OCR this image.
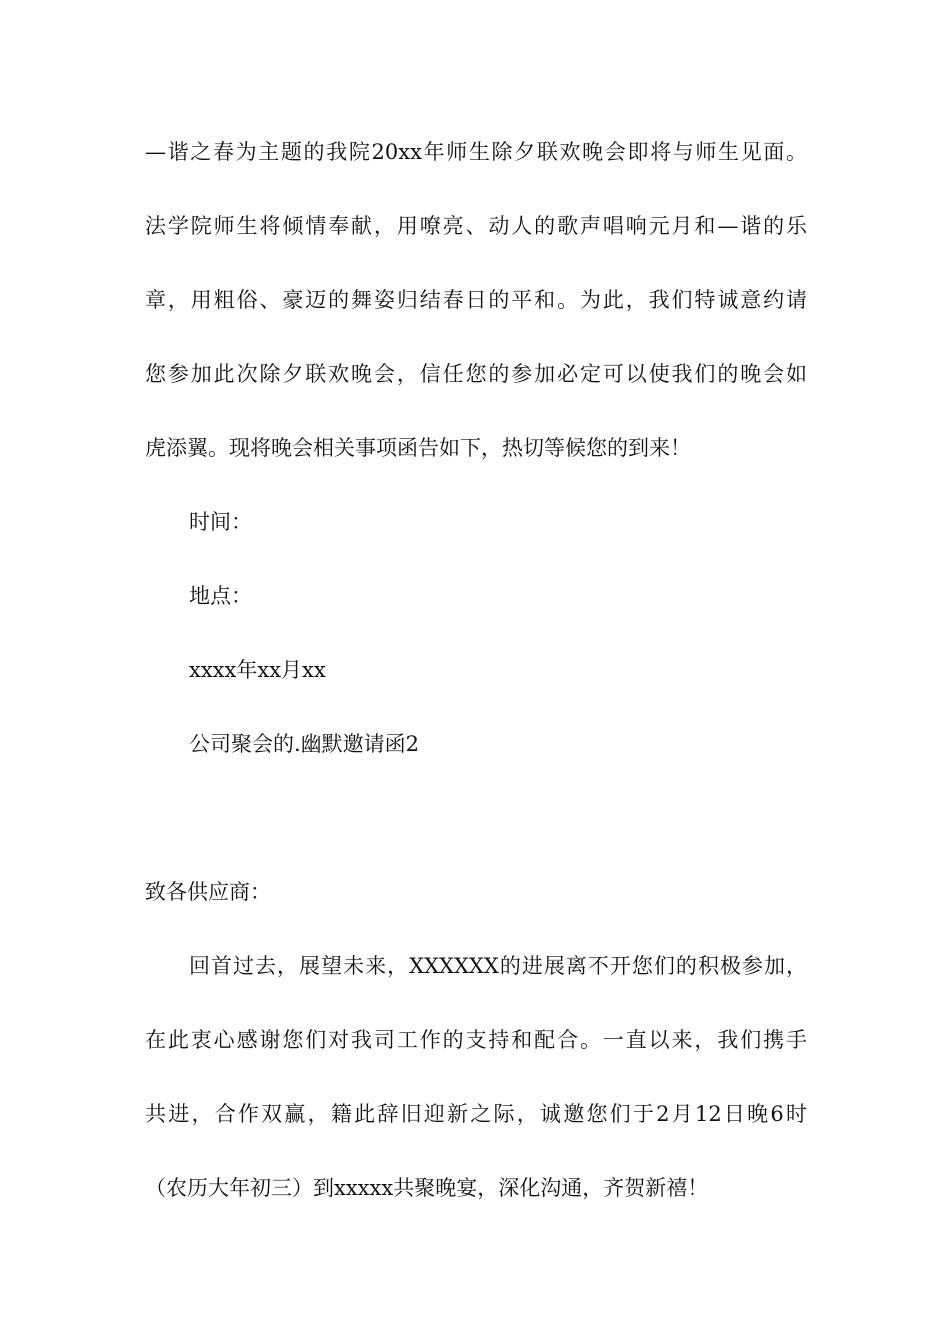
—谐之春为主题的我院20xx年师生除夕联欢晚会即将与师生见面。
法学院师生将倾情奉献，用嘹亮、动人的歌声唱响元月和—谐的乐
章，用粗俗、豪迈的舞姿归结春日的平和。为此，我们特诚意约请
您参加此次除夕联欢晚会，信任您的参加必定可以使我们的晚会如
虎添翼。现将晚会相关事项函告如下，热切等候您的到来！
时间：
地点：
xxxx年xx月xx
公司聚会的.幽默邀请函2
致各供应商：
回首过去，展望未来，XXXXXX的进展离不开您们的积极参加，
在此衷心感谢您们对我司工作的支持和配合。一直以来，我们携手
共进，合作双赢，籍此辞旧迎新之际，诚邀您们于2月12日晚6时
（农历大年初三）到xxxxx共聚晚宴，深化沟通，齐贺新禧！
